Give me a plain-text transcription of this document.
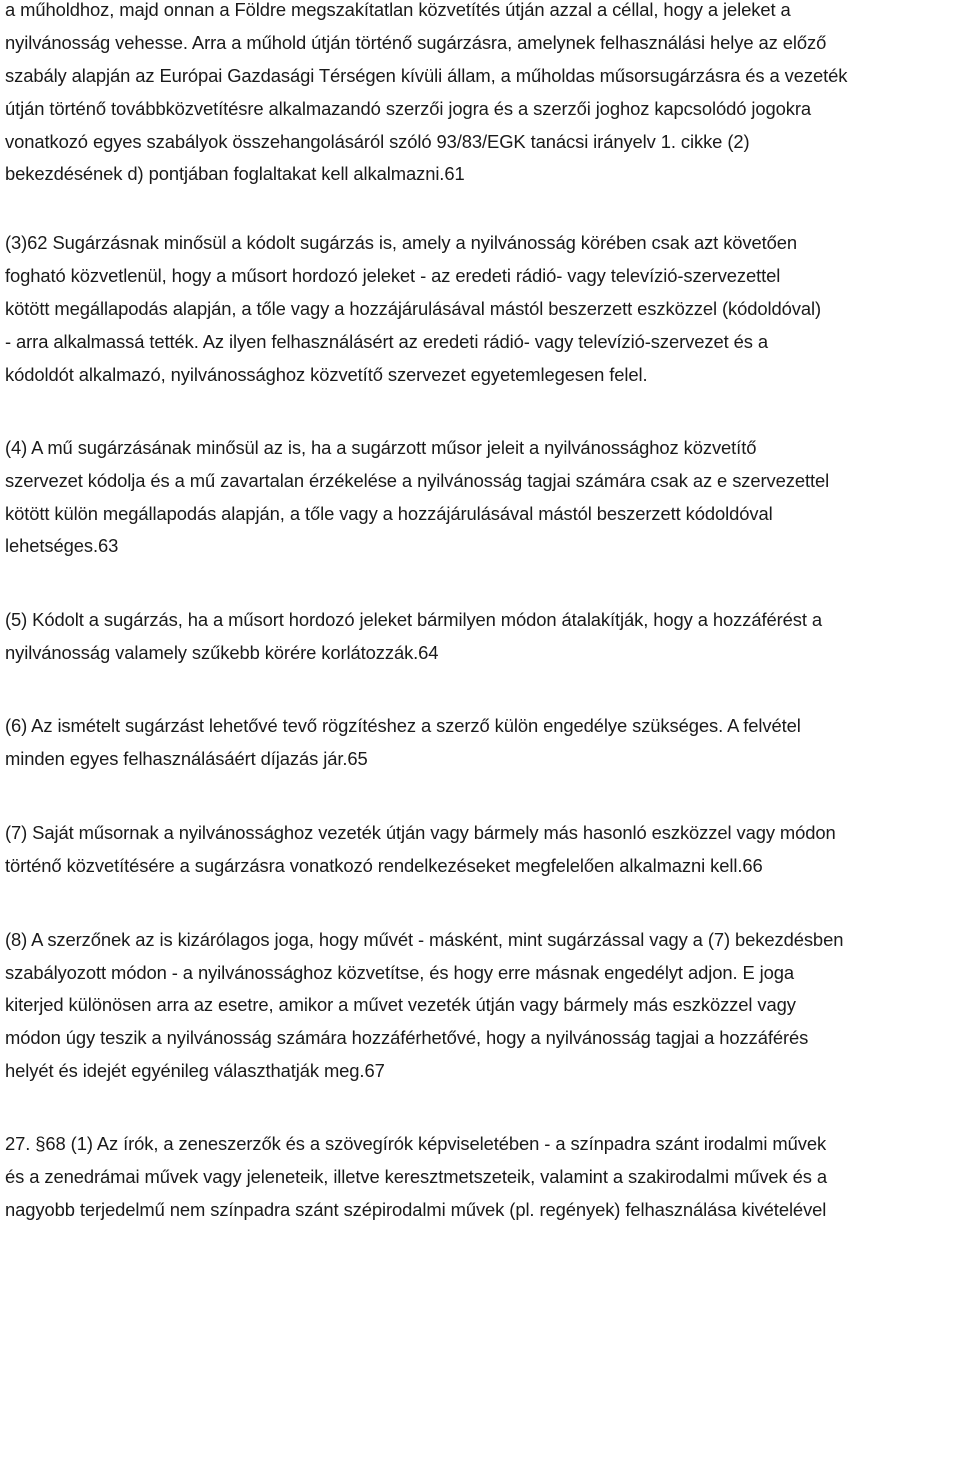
a műholdhoz, majd onnan a Földre megszakítatlan közvetítés útján azzal a céllal, hogy a jeleket a
nyilvánosság vehesse. Arra a műhold útján történő sugárzásra, amelynek felhasználási helye az előző
szabály alapján az Európai Gazdasági Térségen kívüli állam, a műholdas műsorsugárzásra és a vezeték
útján történő továbbközvetítésre alkalmazandó szerzői jogra és a szerzői joghoz kapcsolódó jogokra
vonatkozó egyes szabályok összehangolásáról szóló 93/83/EGK tanácsi irányelv 1. cikke (2)
bekezdésének d) pontjában foglaltakat kell alkalmazni.61
(3)62 Sugárzásnak minősül a kódolt sugárzás is, amely a nyilvánosság körében csak azt követően
fogható közvetlenül, hogy a műsort hordozó jeleket - az eredeti rádió- vagy televízió-szervezettel
kötött megállapodás alapján, a tőle vagy a hozzájárulásával mástól beszerzett eszközzel (kódoldóval)
- arra alkalmassá tették. Az ilyen felhasználásért az eredeti rádió- vagy televízió-szervezet és a
kódoldót alkalmazó, nyilvánossághoz közvetítő szervezet egyetemlegesen felel.
(4) A mű sugárzásának minősül az is, ha a sugárzott műsor jeleit a nyilvánossághoz közvetítő
szervezet kódolja és a mű zavartalan érzékelése a nyilvánosság tagjai számára csak az e szervezettel
kötött külön megállapodás alapján, a tőle vagy a hozzájárulásával mástól beszerzett kódoldóval
lehetséges.63
(5) Kódolt a sugárzás, ha a műsort hordozó jeleket bármilyen módon átalakítják, hogy a hozzáférést a
nyilvánosság valamely szűkebb körére korlátozzák.64
(6) Az ismételt sugárzást lehetővé tevő rögzítéshez a szerző külön engedélye szükséges. A felvétel
minden egyes felhasználásáért díjazás jár.65
(7) Saját műsornak a nyilvánossághoz vezeték útján vagy bármely más hasonló eszközzel vagy módon
történő közvetítésére a sugárzásra vonatkozó rendelkezéseket megfelelően alkalmazni kell.66
(8) A szerzőnek az is kizárólagos joga, hogy művét - másként, mint sugárzással vagy a (7) bekezdésben
szabályozott módon - a nyilvánossághoz közvetítse, és hogy erre másnak engedélyt adjon. E joga
kiterjed különösen arra az esetre, amikor a művet vezeték útján vagy bármely más eszközzel vagy
módon úgy teszik a nyilvánosság számára hozzáférhetővé, hogy a nyilvánosság tagjai a hozzáférés
helyét és idejét egyénileg választhatják meg.67
27. §68 (1) Az írók, a zeneszerzők és a szövegírók képviseletében - a színpadra szánt irodalmi művek
és a zenedrámai művek vagy jeleneteik, illetve keresztmetszeteik, valamint a szakirodalmi művek és a
nagyobb terjedelmű nem színpadra szánt szépirodalmi művek (pl. regények) felhasználása kivételével
